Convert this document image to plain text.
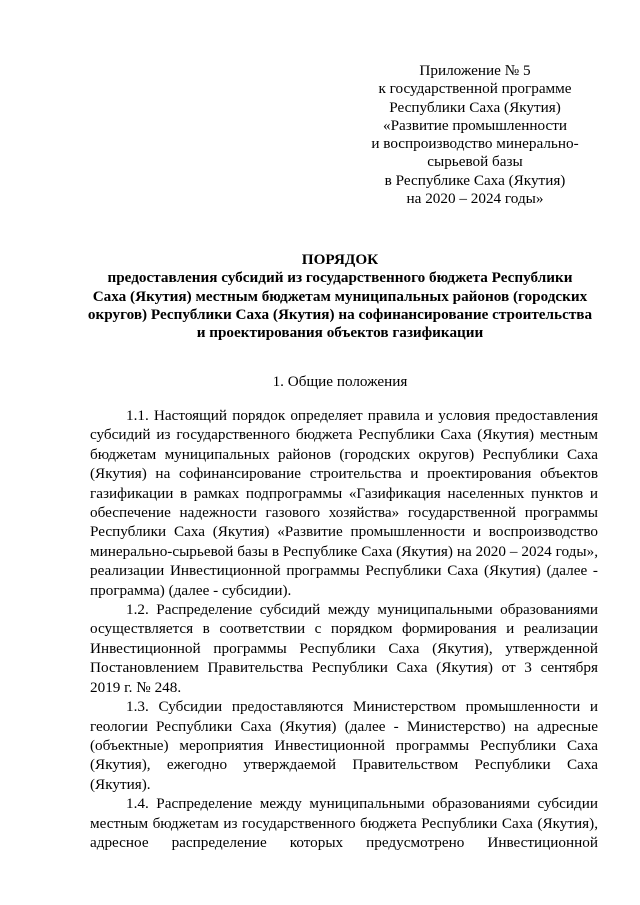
Приложение № 5
к государственной программе
Республики Саха (Якутия)
«Развитие промышленности
и воспроизводство минерально-
сырьевой базы
в Республике Саха (Якутия)
на 2020 – 2024 годы»
ПОРЯДОК
предоставления субсидий из государственного бюджета Республики
Саха (Якутия) местным бюджетам муниципальных районов (городских
округов) Республики Саха (Якутия) на софинансирование строительства
и проектирования объектов газификации
1. Общие положения

1.1. Настоящий порядок определяет правила и условия предоставления субсидий из государственного бюджета Республики Саха (Якутия) местным бюджетам муниципальных районов (городских округов) Республики Саха (Якутия) на софинансирование строительства и проектирования объектов газификации в рамках подпрограммы «Газификация населенных пунктов и обеспечение надежности газового хозяйства» государственной программы Республики Саха (Якутия) «Развитие промышленности и воспроизводство минерально-сырьевой базы в Республике Саха (Якутия) на 2020 – 2024 годы», реализации Инвестиционной программы Республики Саха (Якутия) (далее - программа) (далее - субсидии).

1.2. Распределение субсидий между муниципальными образованиями осуществляется в соответствии с порядком формирования и реализации Инвестиционной программы Республики Саха (Якутия), утвержденной Постановлением Правительства Республики Саха (Якутия) от 3 сентября 2019 г. № 248.

1.3. Субсидии предоставляются Министерством промышленности и геологии Республики Саха (Якутия) (далее - Министерство) на адресные (объектные) мероприятия Инвестиционной программы Республики Саха (Якутия), ежегодно утверждаемой Правительством Республики Саха (Якутия).

1.4. Распределение между муниципальными образованиями субсидии местным бюджетам из государственного бюджета Республики Саха (Якутия), адресное распределение которых предусмотрено Инвестиционной
